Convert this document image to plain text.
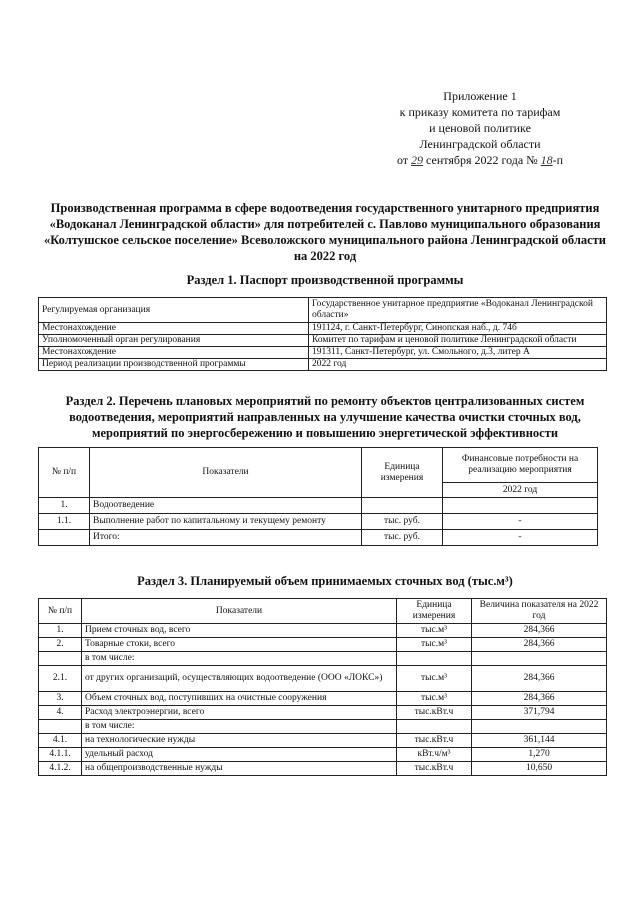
Приложение 1
к приказу комитета по тарифам
и ценовой политике
Ленинградской области
от 29 сентября 2022 года № 18-п
Производственная программа в сфере водоотведения государственного унитарного предприятия «Водоканал Ленинградской области» для потребителей с. Павлово муниципального образования «Колтушское сельское поселение» Всеволожского муниципального района Ленинградской области на 2022 год
Раздел 1. Паспорт производственной программы
Регулируемая организация	Государственное унитарное предприятие «Водоканал Ленинградской области»
Местонахождение	191124, г. Санкт-Петербург, Синопская наб., д. 74б
Уполномоченный орган регулирования	Комитет по тарифам и ценовой политике Ленинградской области
Местонахождение	191311, Санкт-Петербург, ул. Смольного, д.3, литер А
Период реализации производственной программы	2022 год
Раздел 2. Перечень плановых мероприятий по ремонту объектов централизованных систем водоотведения, мероприятий направленных на улучшение качества очистки сточных вод, мероприятий по энергосбережению и повышению энергетической эффективности
№ п/п	Показатели	Единица измерения	Финансовые потребности на реализацию мероприятия
			2022 год
1.	Водоотведение		
1.1.	Выполнение работ по капитальному и текущему ремонту	тыс. руб.	-
	Итого:	тыс. руб.	-
Раздел 3. Планируемый объем принимаемых сточных вод (тыс.м³)
№ п/п	Показатели	Единица измерения	Величина показателя на 2022 год
1.	Прием сточных вод, всего	тыс.м³	284,366
2.	Товарные стоки, всего	тыс.м³	284,366
	в том числе:		
2.1.	от других организаций, осуществляющих водоотведение (ООО «ЛОКС»)	тыс.м³	284,366
3.	Объем сточных вод, поступивших на очистные сооружения	тыс.м³	284,366
4.	Расход электроэнергии, всего	тыс.кВт.ч	371,794
	в том числе:		
4.1.	на технологические нужды	тыс.кВт.ч	361,144
4.1.1.	удельный расход	кВт.ч/м³	1,270
4.1.2.	на общепроизводственные нужды	тыс.кВт.ч	10,650
